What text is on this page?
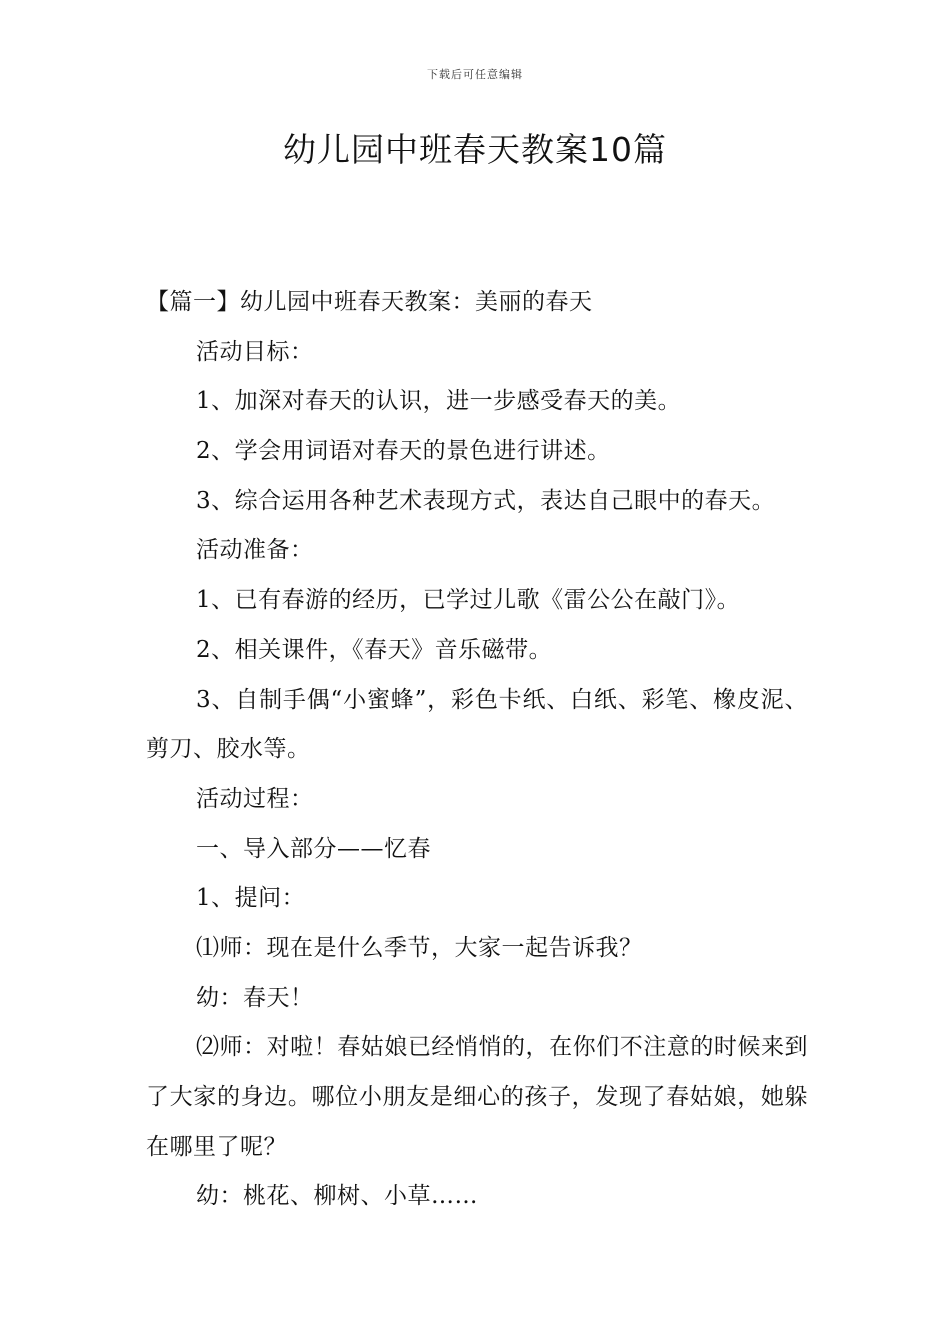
下载后可任意编辑
幼儿园中班春天教案10篇
【篇一】幼儿园中班春天教案：美丽的春天
活动目标：
1、加深对春天的认识，进一步感受春天的美。
2、学会用词语对春天的景色进行讲述。
3、综合运用各种艺术表现方式，表达自己眼中的春天。
活动准备：
1、已有春游的经历，已学过儿歌《雷公公在敲门》。
2、相关课件，《春天》音乐磁带。

3、自制手偶“小蜜蜂”，彩色卡纸、白纸、彩笔、橡皮泥、剪刀、胶水等。

活动过程：
一、导入部分——忆春
1、提问：
⑴师：现在是什么季节，大家一起告诉我？
幼：春天！

⑵师：对啦！春姑娘已经悄悄的，在你们不注意的时候来到了大家的身边。哪位小朋友是细心的孩子，发现了春姑娘，她躲在哪里了呢？

幼：桃花、柳树、小草……
